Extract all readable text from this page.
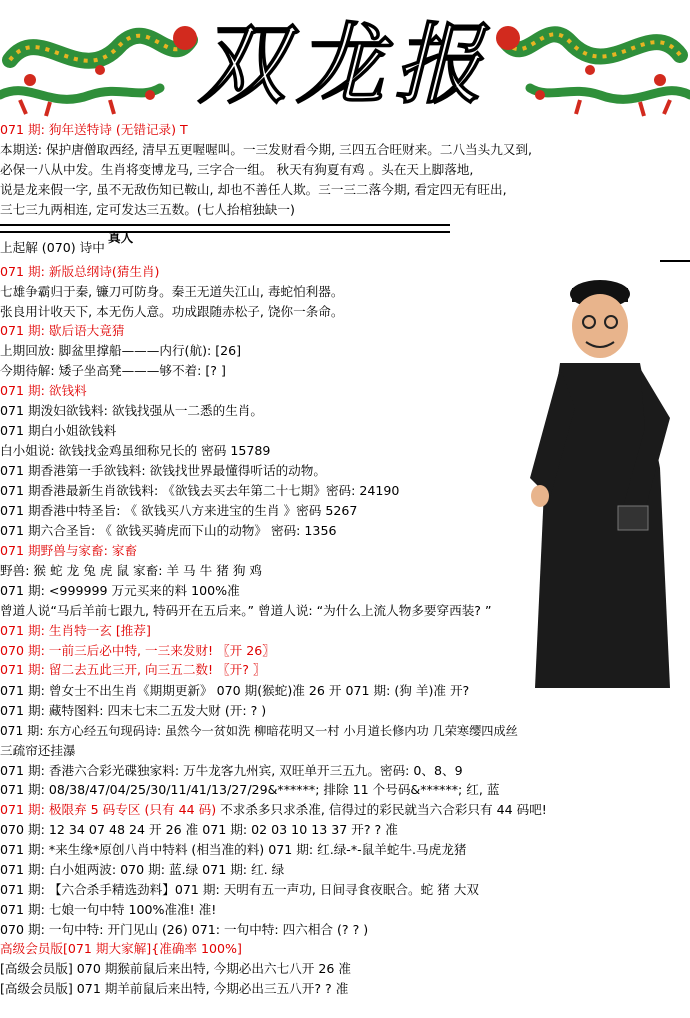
双龙报
071 期: 狗年送特诗 (无错记录) T
本期送: 保护唐僧取西经, 清早五更喔喔叫。一三发财看今期, 三四五合旺财来。二八当头九又到,
必保一八从中发。生肖将变博龙马, 三字合一组。 秋天有狗夏有鸡 。头在天上脚落地,
说是龙来假一字, 虽不无敌伤知已鞍山, 却也不善任人欺。三一三二落今期, 看定四无有旺出,
三七三九两相连, 定可发达三五数。(七人抬棺独缺一)
真人
上起解 (070) 诗中
071 期: 新版总纲诗(猜生肖)
七雄争霸归于秦, 镰刀可防身。秦王无道失江山, 毒蛇怕利器。
张良用计收天下, 本无伤人意。功成跟随赤松子, 饶你一条命。
071 期: 歇后语大竟猜
上期回放: 脚盆里撑船———内行(航): [26]
今期待解: 矮子坐高凳———够不着: [? ]
071 期: 欲钱料
071 期泼妇欲钱料: 欲钱找强从一二悉的生肖。
071 期白小姐欲钱料
白小姐说: 欲钱找金鸡虽细称兄长的 密码 15789
071 期香港第一手欲钱料: 欲钱找世界最懂得听话的动物。
071 期香港最新生肖欲钱料: 《欲钱去买去年第二十七期》密码: 24190
071 期香港中特圣旨: 《 欲钱买八方来进宝的生肖 》密码 5267
071 期六合圣旨: 《 欲钱买骑虎而下山的动物》 密码: 1356
071 期野兽与家畜: 家畜
野兽: 猴 蛇 龙 兔 虎 鼠 家畜: 羊 马 牛 猪 狗 鸡
071 期: <999999 万元买来的料 100%准
曾道人说“马后羊前七跟九, 特码开在五后来。” 曾道人说: “为什么上流人物多要穿西装? ”
071 期: 生肖特一玄 [推荐]
070 期: 一前三后必中特, 一三来发财! 〖开 26〗
071 期: 留二去五此三开, 向三五二数! 〖开? 〗
071 期: 曾女士不出生肖《期期更新》 070 期(猴蛇)准 26 开 071 期: (狗 羊)准 开?
071 期: 藏特图料: 四末七末二五发大财 (开: ? )
071 期: 东方心经五句现码诗: 虽然今一贫如洗 柳暗花明又一村 小月道长修内功 几荣寒缨四成丝
三疏帘还挂瀑
071 期: 香港六合彩光碟独家料: 万牛龙客九州宾, 双旺单开三五九。密码: 0、8、9
071 期: 08/38/47/04/25/30/11/41/13/27/29&******; 排除 11 个号码&******; 红, 蓝
071 期: 极限弃 5 码专区 (只有 44 码) 不求杀多只求杀准, 信得过的彩民就当六合彩只有 44 码吧!
070 期: 12 34 07 48 24 开 26 准 071 期: 02 03 10 13 37 开? ? 准
071 期: *来生缘*原创八肖中特料 (相当准的料) 071 期: 红.绿-*-鼠羊蛇牛.马虎龙猪
071 期: 白小姐两波: 070 期: 蓝.绿 071 期: 红. 绿
071 期: 【六合杀手精选劲料】071 期: 天明有五一声功, 日间寻食夜眠合。蛇 猪 大双
071 期: 七娘一句中特 100%准准! 准!
070 期: 一句中特: 开门见山 (26) 071: 一句中特: 四六相合 (? ? )
高级会员版[071 期大家解]{准确率 100%]
[高级会员版] 070 期猴前鼠后来出特, 今期必出六七八开 26 准
[高级会员版] 071 期羊前鼠后来出特, 今期必出三五八开? ? 准
